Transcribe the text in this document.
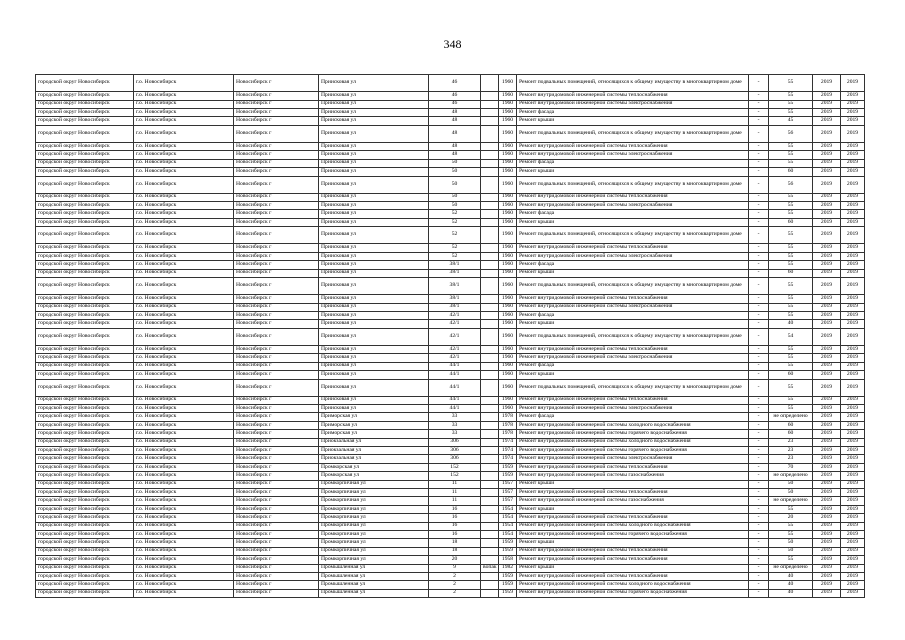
348
городской округ Новосибирск	г.о. Новосибирск	Новосибирск г	Приисковая ул	46		1960	Ремонт подвальных помещений, относящихся к общему имуществу в многоквартирном доме	-	55	2019	2019
городской округ Новосибирск	г.о. Новосибирск	Новосибирск г	Приисковая ул	46		1960	Ремонт внутридомовой инженерной системы теплоснабжения	-	55	2019	2019
городской округ Новосибирск	г.о. Новосибирск	Новосибирск г	Приисковая ул	46		1960	Ремонт внутридомовой инженерной системы электроснабжения	-	55	2019	2019
городской округ Новосибирск	г.о. Новосибирск	Новосибирск г	Приисковая ул	48		1960	Ремонт фасада	-	55	2019	2019
городской округ Новосибирск	г.о. Новосибирск	Новосибирск г	Приисковая ул	48		1960	Ремонт крыши	-	45	2019	2019
городской округ Новосибирск	г.о. Новосибирск	Новосибирск г	Приисковая ул	48		1960	Ремонт подвальных помещений, относящихся к общему имуществу в многоквартирном доме	-	56	2019	2019
городской округ Новосибирск	г.о. Новосибирск	Новосибирск г	Приисковая ул	48		1960	Ремонт внутридомовой инженерной системы теплоснабжения	-	55	2019	2019
городской округ Новосибирск	г.о. Новосибирск	Новосибирск г	Приисковая ул	48		1960	Ремонт внутридомовой инженерной системы электроснабжения	-	55	2019	2019
городской округ Новосибирск	г.о. Новосибирск	Новосибирск г	Приисковая ул	50		1960	Ремонт фасада	-	55	2019	2019
городской округ Новосибирск	г.о. Новосибирск	Новосибирск г	Приисковая ул	50		1960	Ремонт крыши	-	60	2019	2019
городской округ Новосибирск	г.о. Новосибирск	Новосибирск г	Приисковая ул	50		1960	Ремонт подвальных помещений, относящихся к общему имуществу в многоквартирном доме	-	56	2019	2019
городской округ Новосибирск	г.о. Новосибирск	Новосибирск г	Приисковая ул	50		1960	Ремонт внутридомовой инженерной системы теплоснабжения	-	55	2019	2019
городской округ Новосибирск	г.о. Новосибирск	Новосибирск г	Приисковая ул	50		1960	Ремонт внутридомовой инженерной системы электроснабжения	-	55	2019	2019
городской округ Новосибирск	г.о. Новосибирск	Новосибирск г	Приисковая ул	52		1960	Ремонт фасада	-	55	2019	2019
городской округ Новосибирск	г.о. Новосибирск	Новосибирск г	Приисковая ул	52		1960	Ремонт крыши	-	60	2019	2019
городской округ Новосибирск	г.о. Новосибирск	Новосибирск г	Приисковая ул	52		1960	Ремонт подвальных помещений, относящихся к общему имуществу в многоквартирном доме	-	55	2019	2019
городской округ Новосибирск	г.о. Новосибирск	Новосибирск г	Приисковая ул	52		1960	Ремонт внутридомовой инженерной системы теплоснабжения	-	55	2019	2019
городской округ Новосибирск	г.о. Новосибирск	Новосибирск г	Приисковая ул	52		1960	Ремонт внутридомовой инженерной системы электроснабжения	-	55	2019	2019
городской округ Новосибирск	г.о. Новосибирск	Новосибирск г	Приисковая ул	38/1		1960	Ремонт фасада	-	55	2019	2019
городской округ Новосибирск	г.о. Новосибирск	Новосибирск г	Приисковая ул	38/1		1960	Ремонт крыши	-	60	2019	2019
городской округ Новосибирск	г.о. Новосибирск	Новосибирск г	Приисковая ул	38/1		1960	Ремонт подвальных помещений, относящихся к общему имуществу в многоквартирном доме	-	55	2019	2019
городской округ Новосибирск	г.о. Новосибирск	Новосибирск г	Приисковая ул	38/1		1960	Ремонт внутридомовой инженерной системы теплоснабжения	-	55	2019	2019
городской округ Новосибирск	г.о. Новосибирск	Новосибирск г	Приисковая ул	38/1		1960	Ремонт внутридомовой инженерной системы электроснабжения	-	55	2019	2019
городской округ Новосибирск	г.о. Новосибирск	Новосибирск г	Приисковая ул	42/1		1960	Ремонт фасада	-	55	2019	2019
городской округ Новосибирск	г.о. Новосибирск	Новосибирск г	Приисковая ул	42/1		1960	Ремонт крыши	-	40	2019	2019
городской округ Новосибирск	г.о. Новосибирск	Новосибирск г	Приисковая ул	42/1		1960	Ремонт подвальных помещений, относящихся к общему имуществу в многоквартирном доме	-	54	2019	2019
городской округ Новосибирск	г.о. Новосибирск	Новосибирск г	Приисковая ул	42/1		1960	Ремонт внутридомовой инженерной системы теплоснабжения	-	55	2019	2019
городской округ Новосибирск	г.о. Новосибирск	Новосибирск г	Приисковая ул	42/1		1960	Ремонт внутридомовой инженерной системы электроснабжения	-	55	2019	2019
городской округ Новосибирск	г.о. Новосибирск	Новосибирск г	Приисковая ул	44/1		1960	Ремонт фасада	-	55	2019	2019
городской округ Новосибирск	г.о. Новосибирск	Новосибирск г	Приисковая ул	44/1		1960	Ремонт крыши	-	60	2019	2019
городской округ Новосибирск	г.о. Новосибирск	Новосибирск г	Приисковая ул	44/1		1960	Ремонт подвальных помещений, относящихся к общему имуществу в многоквартирном доме	-	55	2019	2019
городской округ Новосибирск	г.о. Новосибирск	Новосибирск г	Приисковая ул	44/1		1960	Ремонт внутридомовой инженерной системы теплоснабжения	-	55	2019	2019
городской округ Новосибирск	г.о. Новосибирск	Новосибирск г	Приисковая ул	44/1		1960	Ремонт внутридомовой инженерной системы электроснабжения	-	55	2019	2019
городской округ Новосибирск	г.о. Новосибирск	Новосибирск г	Приморская ул	33		1978	Ремонт фасада	-	не определено	2019	2019
городской округ Новосибирск	г.о. Новосибирск	Новосибирск г	Приморская ул	33		1978	Ремонт внутридомовой инженерной системы холодного водоснабжения	-	60	2019	2019
городской округ Новосибирск	г.о. Новосибирск	Новосибирск г	Приморская ул	33		1978	Ремонт внутридомовой инженерной системы горячего водоснабжения	-	60	2019	2019
городской округ Новосибирск	г.о. Новосибирск	Новосибирск г	Приокзальная ул	306		1974	Ремонт внутридомовой инженерной системы холодного водоснабжения	-	23	2019	2019
городской округ Новосибирск	г.о. Новосибирск	Новосибирск г	Приокзальная ул	306		1974	Ремонт внутридомовой инженерной системы горячего водоснабжения	-	23	2019	2019
городской округ Новосибирск	г.о. Новосибирск	Новосибирск г	Приокзальная ул	306		1974	Ремонт внутридомовой инженерной системы электроснабжения	-	23	2019	2019
городской округ Новосибирск	г.о. Новосибирск	Новосибирск г	Промкорская ул	152		1959	Ремонт внутридомовой инженерной системы теплоснабжения	-	70	2019	2019
городской округ Новосибирск	г.о. Новосибирск	Новосибирск г	Промкорская ул	152		1959	Ремонт внутридомовой инженерной системы газоснабжения	-	не определено	2019	2019
городской округ Новосибирск	г.о. Новосибирск	Новосибирск г	Промкорпичная ул	11		1957	Ремонт крыши	-	50	2019	2019
городской округ Новосибирск	г.о. Новосибирск	Новосибирск г	Промкорпичная ул	11		1957	Ремонт внутридомовой инженерной системы теплоснабжения	-	50	2019	2019
городской округ Новосибирск	г.о. Новосибирск	Новосибирск г	Промкорпичная ул	11		1957	Ремонт внутридомовой инженерной системы газоснабжения	-	не определено	2019	2019
городской округ Новосибирск	г.о. Новосибирск	Новосибирск г	Промкорпичная ул	16		1954	Ремонт крыши	-	55	2019	2019
городской округ Новосибирск	г.о. Новосибирск	Новосибирск г	Промкорпичная ул	16		1954	Ремонт внутридомовой инженерной системы теплоснабжения	-	20	2019	2019
городской округ Новосибирск	г.о. Новосибирск	Новосибирск г	Промкорпичная ул	16		1954	Ремонт внутридомовой инженерной системы холодного водоснабжения	-	55	2019	2019
городской округ Новосибирск	г.о. Новосибирск	Новосибирск г	Промкорпичная ул	16		1954	Ремонт внутридомовой инженерной системы горячего водоснабжения	-	55	2019	2019
городской округ Новосибирск	г.о. Новосибирск	Новосибирск г	Промкорпичная ул	18		1959	Ремонт крыши	-	50	2019	2019
городской округ Новосибирск	г.о. Новосибирск	Новосибирск г	Промкорпичная ул	18		1959	Ремонт внутридомовой инженерной системы теплоснабжения	-	50	2019	2019
городской округ Новосибирск	г.о. Новосибирск	Новосибирск г	Промкорпичная ул	20		1958	Ремонт внутридомовой инженерной системы теплоснабжения	-	55	2019	2019
городской округ Новосибирск	г.о. Новосибирск	Новосибирск г	Промышленная ул	9	вопак	1982	Ремонт крыши	-	не определено	2019	2019
городской округ Новосибирск	г.о. Новосибирск	Новосибирск г	Промышленная ул	2		1959	Ремонт внутридомовой инженерной системы теплоснабжения	-	40	2019	2019
городской округ Новосибирск	г.о. Новосибирск	Новосибирск г	Промышленная ул	2		1959	Ремонт внутридомовой инженерной системы холодного водоснабжения	-	40	2019	2019
городской округ Новосибирск	г.о. Новосибирск	Новосибирск г	Промышленная ул	2		1959	Ремонт внутридомовой инженерной системы горячего водоснабжения	-	40	2019	2019
